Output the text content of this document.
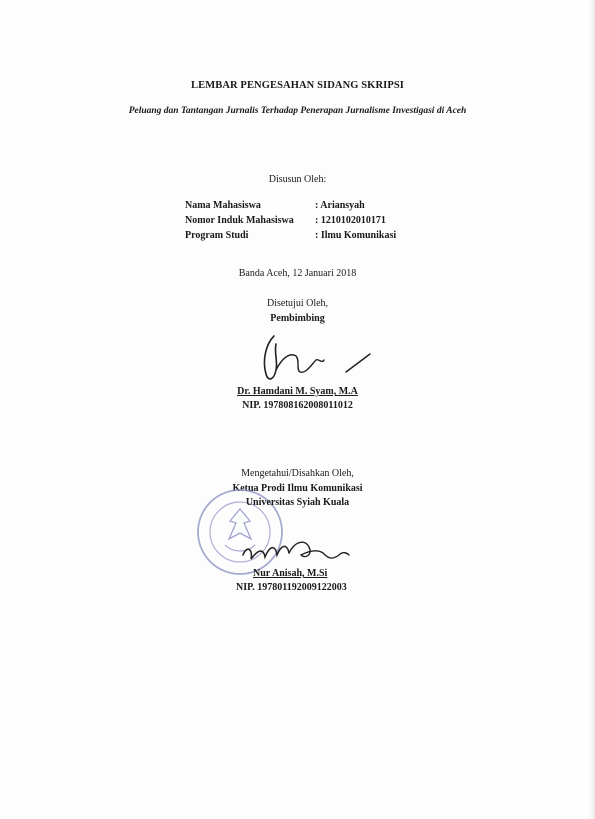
LEMBAR PENGESAHAN SIDANG SKRIPSI
Peluang dan Tantangan Jurnalis Terhadap Penerapan Jurnalisme Investigasi di Aceh
Disusun Oleh:
Nama Mahasiswa	: Ariansyah
Nomor Induk Mahasiswa	: 1210102010171
Program Studi	: Ilmu Komunikasi
Banda Aceh, 12 Januari 2018
Disetujui Oleh,
Pembimbing
Dr. Hamdani M. Syam, M.A
NIP. 197808162008011012
Mengetahui/Disahkan Oleh,
Ketua Prodi Ilmu Komunikasi
Universitas Syiah Kuala
Nur Anisah, M.Si
NIP. 197801192009122003
